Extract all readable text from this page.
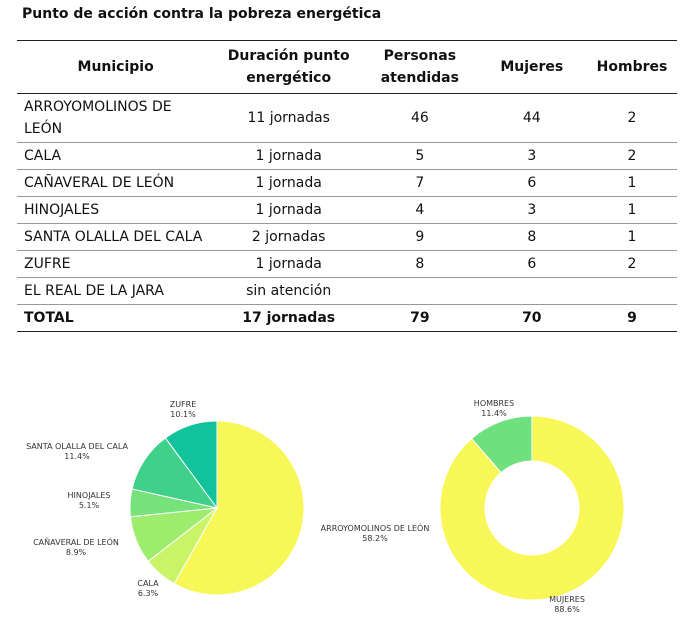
Punto de acción contra la pobreza energética
Municipio	Duración punto energético	Personas atendidas	Mujeres	Hombres
ARROYOMOLINOS DE LEÓN	11 jornadas	46	44	2
CALA	1 jornada	5	3	2
CAÑAVERAL DE LEÓN	1 jornada	7	6	1
HINOJALES	1 jornada	4	3	1
SANTA OLALLA DEL CALA	2 jornadas	9	8	1
ZUFRE	1 jornada	8	6	2
EL REAL DE LA JARA	sin atención			
TOTAL	17 jornadas	79	70	9
ARROYOMOLINOS DE LEÓN
58.2%
CALA
6.3%
CAÑAVERAL DE LEÓN
8.9%
HINOJALES
5.1%
SANTA OLALLA DEL CALA
11.4%
ZUFRE
10.1%
MUJERES
88.6%
HOMBRES
11.4%
